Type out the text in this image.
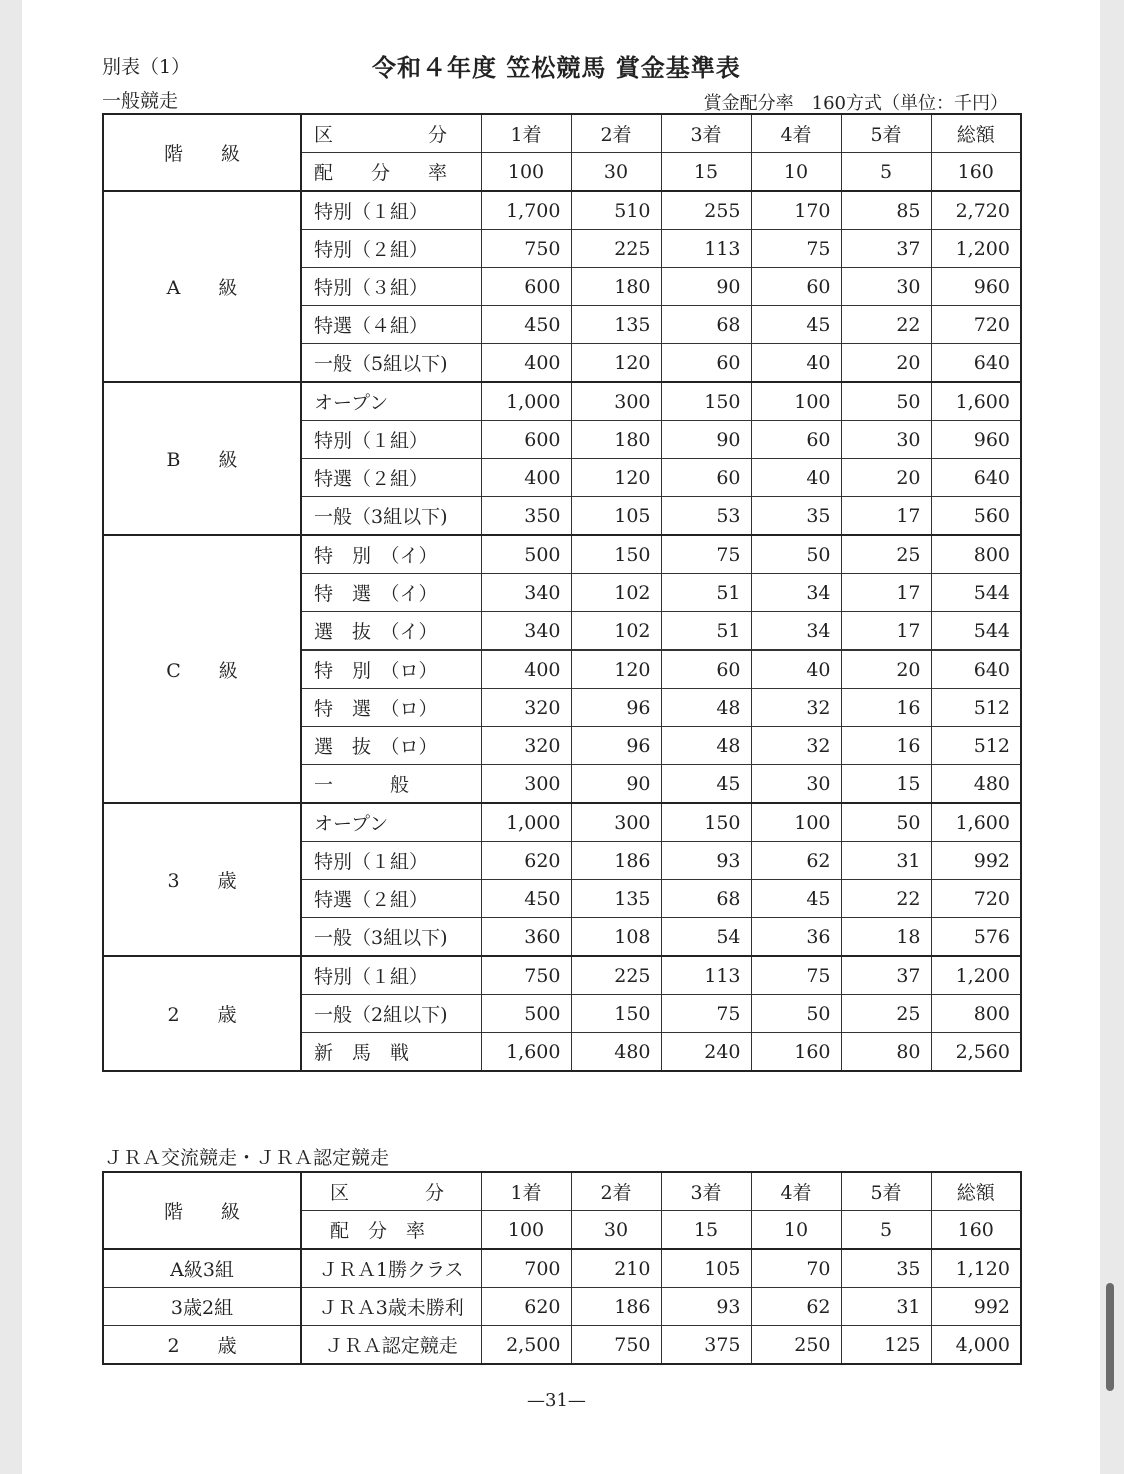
別表（1）	令和４年度 笠松競馬 賞金基準表
一般競走	賞金配分率　160方式（単位：千円）
階　　級	区　　　　　分	1着	2着	3着	4着	5着	総額
	配　　分　　率	100	30	15	10	5	160
A　　級	特別（１組）	1,700	510	255	170	85	2,720
	特別（２組）	750	225	113	75	37	1,200
	特別（３組）	600	180	90	60	30	960
	特選（４組）	450	135	68	45	22	720
	一般（5組以下)	400	120	60	40	20	640
B　　級	オープン	1,000	300	150	100	50	1,600
	特別（１組）	600	180	90	60	30	960
	特選（２組）	400	120	60	40	20	640
	一般（3組以下)	350	105	53	35	17	560
C　　級	特　別　（イ）	500	150	75	50	25	800
	特　選　（イ）	340	102	51	34	17	544
	選　抜　（イ）	340	102	51	34	17	544
	特　別　（ロ）	400	120	60	40	20	640
	特　選　（ロ）	320	96	48	32	16	512
	選　抜　（ロ）	320	96	48	32	16	512
	一　　　般	300	90	45	30	15	480
3　　歳	オープン	1,000	300	150	100	50	1,600
	特別（１組）	620	186	93	62	31	992
	特選（２組）	450	135	68	45	22	720
	一般（3組以下)	360	108	54	36	18	576
2　　歳	特別（１組）	750	225	113	75	37	1,200
	一般（2組以下)	500	150	75	50	25	800
	新　馬　戦	1,600	480	240	160	80	2,560
ＪＲＡ交流競走・ＪＲＡ認定競走
階　　級	区　　　　分	1着	2着	3着	4着	5着	総額
	配　分　率	100	30	15	10	5	160
A級3組	ＪＲＡ1勝クラス	700	210	105	70	35	1,120
3歳2組	ＪＲＡ3歳未勝利	620	186	93	62	31	992
2　　歳	ＪＲＡ認定競走	2,500	750	375	250	125	4,000
—31—
